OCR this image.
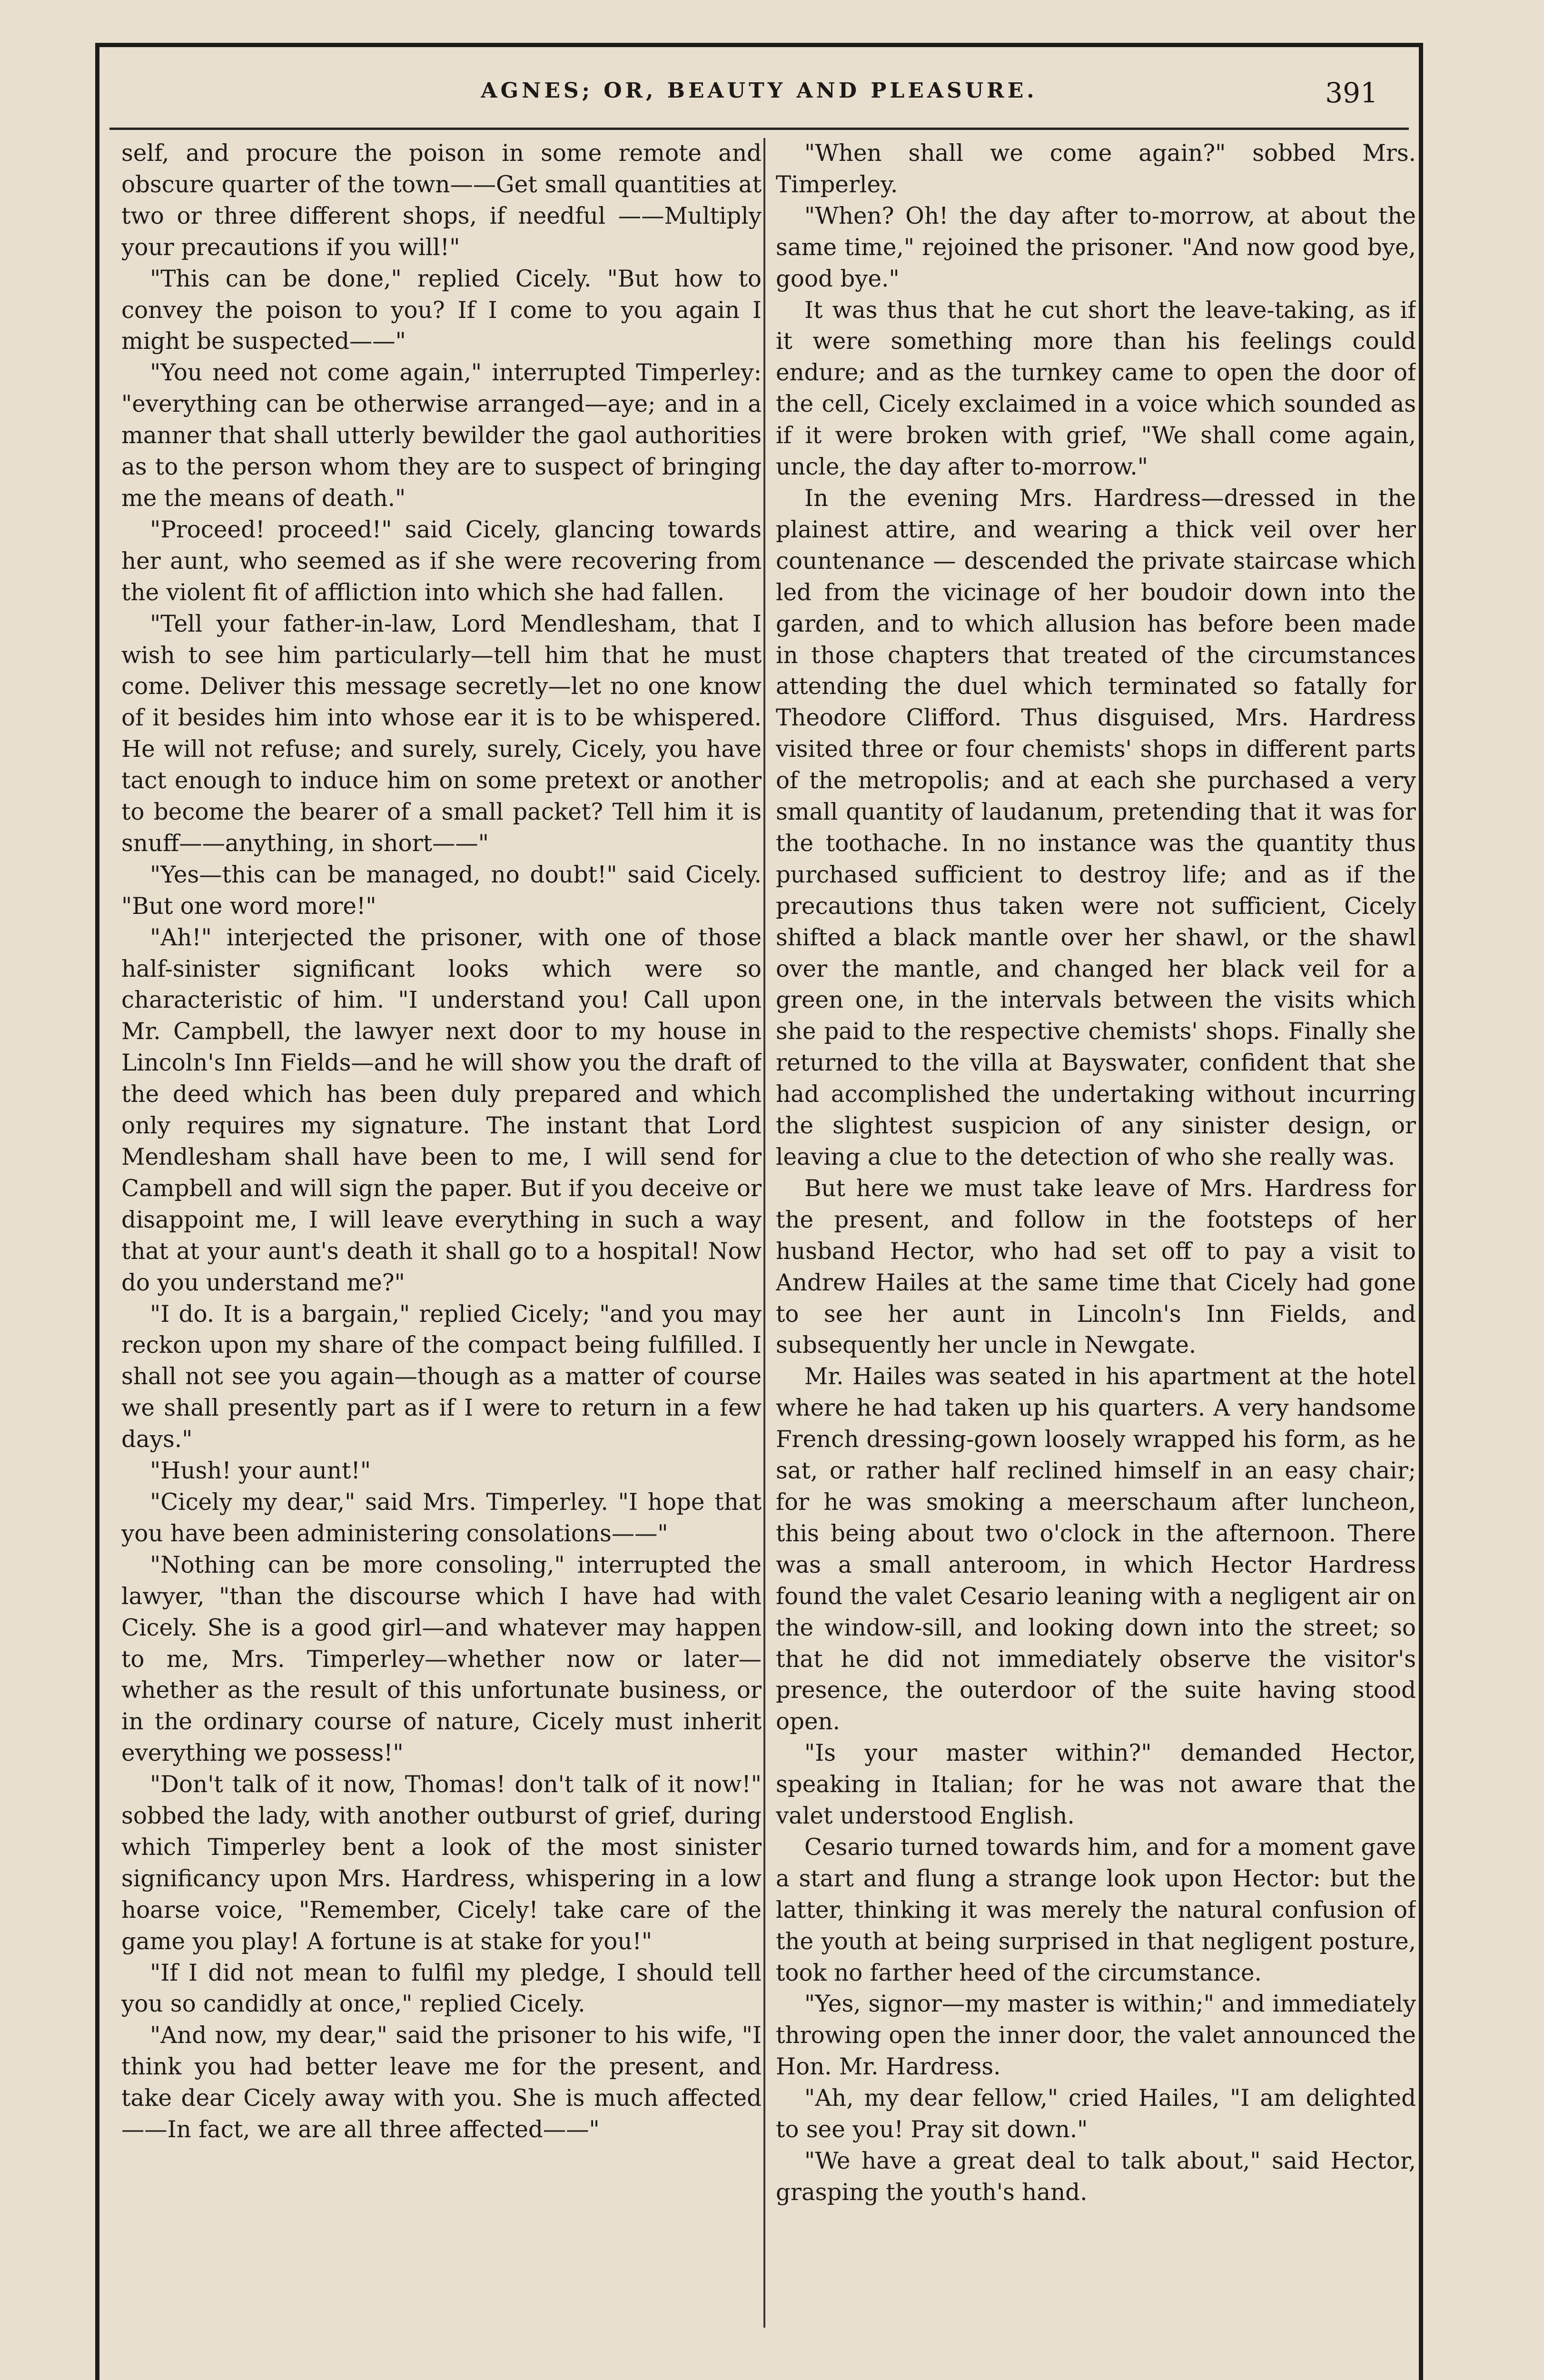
AGNES; OR, BEAUTY AND PLEASURE.	391

self, and procure the poison in some remote and obscure quarter of the town——Get small quantities at two or three different shops, if needful ——Multiply your precautions if you will!"

"This can be done," replied Cicely. "But how to convey the poison to you? If I come to you again I might be suspected——"

"You need not come again," interrupted Timperley: "everything can be otherwise arranged—aye; and in a manner that shall utterly bewilder the gaol authorities as to the person whom they are to suspect of bringing me the means of death."

"Proceed! proceed!" said Cicely, glancing towards her aunt, who seemed as if she were recovering from the violent fit of affliction into which she had fallen.

"Tell your father-in-law, Lord Mendlesham, that I wish to see him particularly—tell him that he must come. Deliver this message secretly—let no one know of it besides him into whose ear it is to be whispered. He will not refuse; and surely, surely, Cicely, you have tact enough to induce him on some pretext or another to become the bearer of a small packet? Tell him it is snuff——anything, in short——"

"Yes—this can be managed, no doubt!" said Cicely. "But one word more!"

"Ah!" interjected the prisoner, with one of those half-sinister significant looks which were so characteristic of him. "I understand you! Call upon Mr. Campbell, the lawyer next door to my house in Lincoln's Inn Fields—and he will show you the draft of the deed which has been duly prepared and which only requires my signature. The instant that Lord Mendlesham shall have been to me, I will send for Campbell and will sign the paper. But if you deceive or disappoint me, I will leave everything in such a way that at your aunt's death it shall go to a hospital! Now do you understand me?"

"I do. It is a bargain," replied Cicely; "and you may reckon upon my share of the compact being fulfilled. I shall not see you again—though as a matter of course we shall presently part as if I were to return in a few days."

"Hush! your aunt!"

"Cicely my dear," said Mrs. Timperley. "I hope that you have been administering consolations——"

"Nothing can be more consoling," interrupted the lawyer, "than the discourse which I have had with Cicely. She is a good girl—and whatever may happen to me, Mrs. Timperley—whether now or later—whether as the result of this unfortunate business, or in the ordinary course of nature, Cicely must inherit everything we possess!"

"Don't talk of it now, Thomas! don't talk of it now!" sobbed the lady, with another outburst of grief, during which Timperley bent a look of the most sinister significancy upon Mrs. Hardress, whispering in a low hoarse voice, "Remember, Cicely! take care of the game you play! A fortune is at stake for you!"

"If I did not mean to fulfil my pledge, I should tell you so candidly at once," replied Cicely.

"And now, my dear," said the prisoner to his wife, "I think you had better leave me for the present, and take dear Cicely away with you. She is much affected——In fact, we are all three affected——"

"When shall we come again?" sobbed Mrs. Timperley.

"When? Oh! the day after to-morrow, at about the same time," rejoined the prisoner. "And now good bye, good bye."

It was thus that he cut short the leave-taking, as if it were something more than his feelings could endure; and as the turnkey came to open the door of the cell, Cicely exclaimed in a voice which sounded as if it were broken with grief, "We shall come again, uncle, the day after to-morrow."

In the evening Mrs. Hardress—dressed in the plainest attire, and wearing a thick veil over her countenance — descended the private staircase which led from the vicinage of her boudoir down into the garden, and to which allusion has before been made in those chapters that treated of the circumstances attending the duel which terminated so fatally for Theodore Clifford. Thus disguised, Mrs. Hardress visited three or four chemists' shops in different parts of the metropolis; and at each she purchased a very small quantity of laudanum, pretending that it was for the toothache. In no instance was the quantity thus purchased sufficient to destroy life; and as if the precautions thus taken were not sufficient, Cicely shifted a black mantle over her shawl, or the shawl over the mantle, and changed her black veil for a green one, in the intervals between the visits which she paid to the respective chemists' shops. Finally she returned to the villa at Bayswater, confident that she had accomplished the undertaking without incurring the slightest suspicion of any sinister design, or leaving a clue to the detection of who she really was.

But here we must take leave of Mrs. Hardress for the present, and follow in the footsteps of her husband Hector, who had set off to pay a visit to Andrew Hailes at the same time that Cicely had gone to see her aunt in Lincoln's Inn Fields, and subsequently her uncle in Newgate.

Mr. Hailes was seated in his apartment at the hotel where he had taken up his quarters. A very handsome French dressing-gown loosely wrapped his form, as he sat, or rather half reclined himself in an easy chair; for he was smoking a meerschaum after luncheon, this being about two o'clock in the afternoon. There was a small anteroom, in which Hector Hardress found the valet Cesario leaning with a negligent air on the window-sill, and looking down into the street; so that he did not immediately observe the visitor's presence, the outerdoor of the suite having stood open.

"Is your master within?" demanded Hector, speaking in Italian; for he was not aware that the valet understood English.

Cesario turned towards him, and for a moment gave a start and flung a strange look upon Hector: but the latter, thinking it was merely the natural confusion of the youth at being surprised in that negligent posture, took no farther heed of the circumstance.

"Yes, signor—my master is within;" and immediately throwing open the inner door, the valet announced the Hon. Mr. Hardress.

"Ah, my dear fellow," cried Hailes, "I am delighted to see you! Pray sit down."

"We have a great deal to talk about," said Hector, grasping the youth's hand.
